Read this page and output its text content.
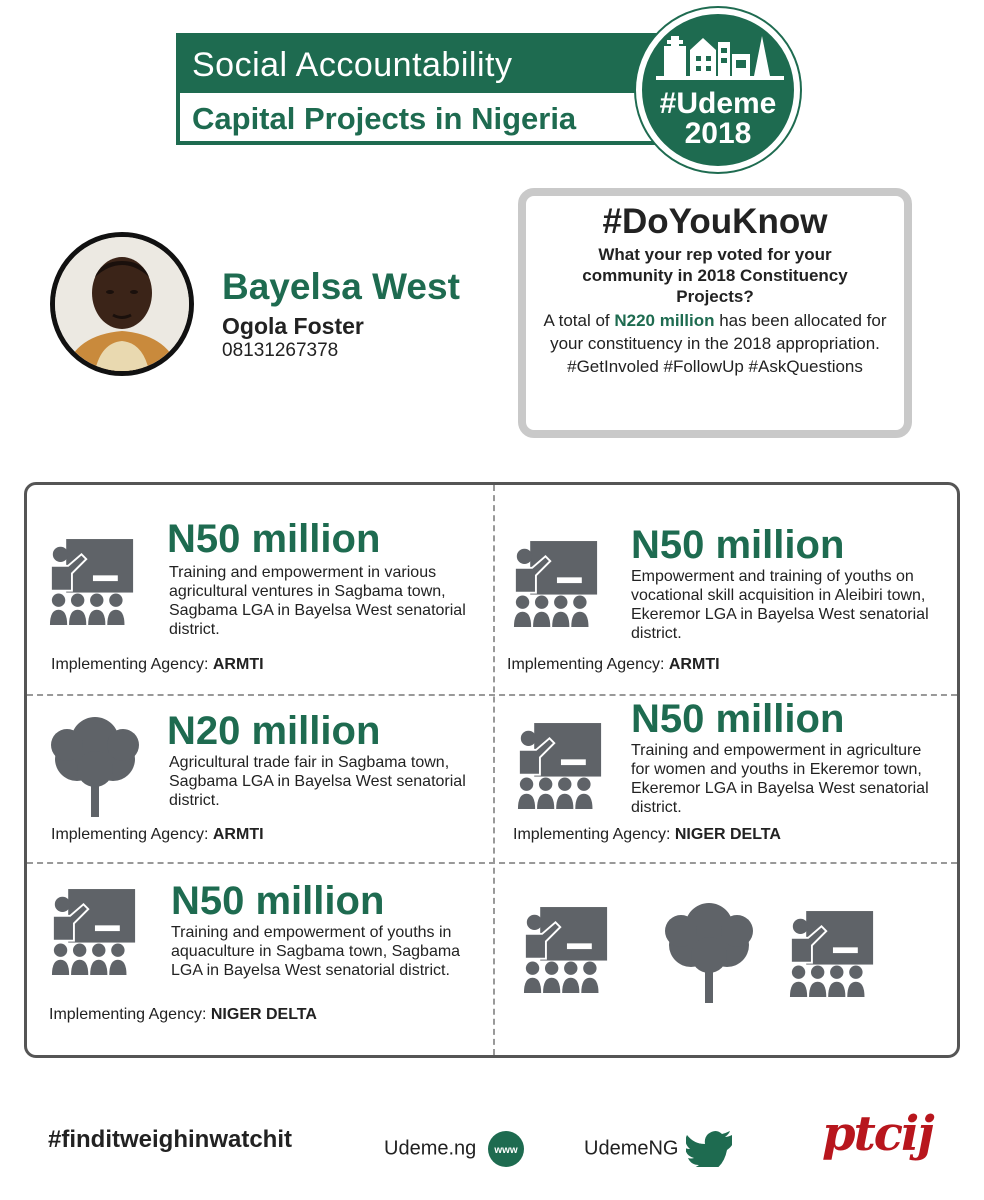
Social Accountability
Capital Projects in Nigeria	#Udeme
2018
Bayelsa West
Ogola Foster
08131267378
#DoYouKnow
What your rep voted for your community in 2018 Constituency Projects?
A total of N220 million has been allocated for your constituency in the 2018 appropriation.
#GetInvoled #FollowUp #AskQuestions
N50 million
Training and empowerment in various agricultural ventures in Sagbama town, Sagbama LGA in Bayelsa West senatorial district.
Implementing Agency: ARMTI
N50 million
Empowerment and training of youths on vocational skill acquisition in Aleibiri town, Ekeremor LGA in Bayelsa West senatorial district.
Implementing Agency: ARMTI
N20 million
Agricultural trade fair in Sagbama town, Sagbama LGA in Bayelsa West senatorial district.
Implementing Agency: ARMTI
N50 million
Training and empowerment in agriculture for women and youths in Ekeremor town, Ekeremor LGA in Bayelsa West senatorial district.
Implementing Agency: NIGER DELTA
N50 million
Training and empowerment of youths in aquaculture in Sagbama town, Sagbama LGA in Bayelsa West senatorial district.
Implementing Agency: NIGER DELTA
#finditweighinwatchit	Udeme.ng www	UdemeNG	ptcij
